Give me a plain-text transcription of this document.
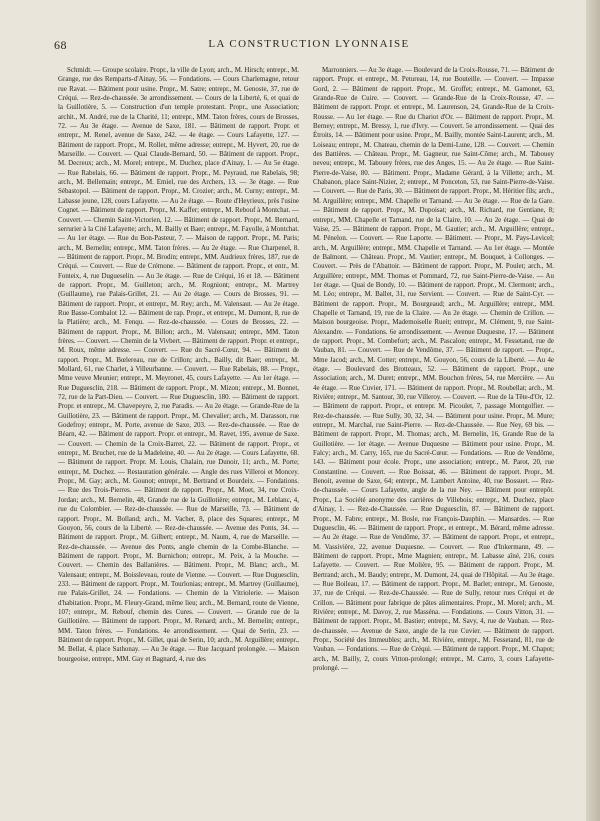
68	LA CONSTRUCTION LYONNAISE

Schmidt. — Groupe scolaire. Propr., la ville de Lyon; arch., M. Hirsch; entrepr., M. Grange, rue des Remparts-d'Ainay, 56. — Fondations. — Cours Charlemagne, retour rue Ravat. — Bâtiment pour usine. Propr., M. Satre; entrepr., M. Genoste, 37, rue de Créqui. — Rez-de-chaussée. 3e arrondissement. — Cours de la Liberté, 6, et quai de la Guillotière, 5. — Construction d'un temple protestant. Propr., une Association; archit., M. André, rue de la Charité, 11; entrepr., MM. Taton frères, cours de Brosses, 72. — Au 3e étage. — Avenue de Saxe, 181. — Bâtiment de rapport. Propr. et entrepr., M. Renel, avenue de Saxe, 242. — 4e étage. — Cours Lafayette, 127. — Bâtiment de rapport. Propr., M. Rollet, même adresse; entrepr., M. Hyvert, 20, rue de Marseille. — Couvert. — Quai Claude-Bernard, 50. — Bâtiment de rapport. Propr., M. Decreux; arch., M. Morel; entrepr., M. Duchez, place d'Ainay, 1. — Au 5e étage. — Rue Rabelais, 66. — Bâtiment de rapport. Propr., M. Peyraud, rue Rabelais, 98; arch., M. Bellemain; entrepr., M. Emiel, rue des Archers, 13. — 3e étage. — Rue Sébastopol. — Bâtiment de rapport. Propr., M. Crozier; arch., M. Curny; entrepr., M. Labasse jeune, 128, cours Lafayette. — Au 2e étage. — Route d'Heyrieux, près l'usine Cognet. — Bâtiment de rapport. Propr., M. Kaffer; entrepr., M. Rebouf à Montchat. — Couvert. — Chemin Saint-Victorien, 12. — Bâtiment de rapport. Propr., M. Bernard, serrurier à la Cité Lafayette; arch., M. Bailly et Baer; entrepr., M. Fayolle, à Montchat. — Au 1er étage. — Rue du Bon-Pasteur, 7. — Maison de rapport. Propr., M. Paris; arch., M. Bernelin; entrepr., MM. Taton frères. — Au 2e étage. — Rue Charpenel, 8. — Bâtiment de rapport. Propr., M. Brodin; entrepr., MM. Audrieux frères, 187, rue de Créqui. — Couvert. — Rue de Crémone. — Bâtiment de rapport. Propr., et entr., M. Fonteix, 4, rue Dugueselin. — Au 3e étage. — Rue de Créqui, 16 et 18. — Bâtiment de rapport. Propr., M. Guilleton; arch., M. Rogniont; entrepr., M. Martrey (Guillaume), rue Palais-Grillet, 21. — Au 2e étage. — Cours de Brosses, 91. — Bâtiment de rapport. Propr., et entrepr., M. Rey; arch., M. Valensaut. — Au 2e étage. Rue Basse-Combalot 12. — Bâtiment de rap. Propr., et entrepr., M. Dumont, 8, rue de la Platière; arch., M. Fenqu. — Rez-de-chaussée. — Cours de Brosses, 22. — Bâtiment de rapport. Propr., M. Billon; arch., M. Valensaut; entrepr., MM. Taton frères. — Couvert. — Chemin de la Vivbert. — Bâtiment de rapport. Propr. et entrepr., M. Roux, même adresse. — Couvert. — Rue du Sacré-Cœur, 94. — Bâtiment de rapport. Propr., M. Bœlereau, rue de Crillon; arch., Bailly, dit Baer; entrepr., M. Mollard, 61, rue Charlet, à Villeurbanne. — Couvert. — Rue Rabelais, 88. — Propr., Mme veuve Meunier; entrepr., M. Meyronet, 45, cours Lafayette. — Au 1er étage. — Rue Duguesclin, 218. — Bâtiment de rapport. Propr., M. Mizon; entrepr., M. Bonnet, 72, rue de la Part-Dieu. — Couvert. — Rue Duguesclin, 180. — Bâtiment de rapport. Propr. et entrepr., M. Chavepeyre, 2, rue Paradis. — Au 2e étage. — Grande-Rue de la Guillotière, 23. — Bâtiment de rapport. Propr., M. Chevalier; arch., M. Darasson, rue Godefroy; entrepr., M. Porte, avenue de Saxe, 203. — Rez-de-chaussée. — Rue de Béarn, 42. — Bâtiment de rapport. Propr. et entrepr., M. Ravet, 195, avenue de Saxe. — Couvert. — Chemin de la Croix-Barret, 22. — Bâtiment de rapport. Propr., et entrepr., M. Bruchet, rue de la Madeleine, 40. — Au 2e étage. — Cours Lafayette, 68. — Bâtiment de rapport. Propr. M. Louis, Chalain, rue Dunoir, 11; arch., M. Porte; entrepr., M. Duchez. — Restauration générale. — Angle des rues Villeroi et Moncey. Propr., M. Gay; arch., M. Gounot; entrepr., M. Bertrand et Bourdeix. — Fondations. — Rue des Trois-Pierres. — Bâtiment de rapport. Propr., M. Moet, 34, rue Croix-Jordan; arch., M. Bernelin, 48, Grande rue de la Guillotière; entrepr., M. Leblanc, 4, rue du Colombier. — Rez-de-chaussée. — Rue de Marseille, 73. — Bâtiment de rapport. Propr., M. Bolland; arch., M. Vacher, 8, place des Squares; entrepr., M Gouyon, 56, cours de la Liberté. — Rez-de-chaussée. — Avenue des Ponts, 34. — Bâtiment de rapport. Propr., M. Gilbert; entrepr., M. Naum, 4, rue de Marseille. — Rez-de-chaussée. — Avenue des Ponts, angle chemin de la Combe-Blanche. — Bâtiment de rapport. Propr., M. Burnichon; entrepr., M. Peix, à la Mouche. — Couvert. — Chemin des Ballanières. — Bâtiment. Propr., M. Blanc; arch., M. Valensaut; entrepr., M. Boissleveau, route de Vienne. — Couvert. — Rue Duguesclin, 233. — Bâtiment de rapport. Propr., M. Tourlonias; entrepr., M. Martrey (Guillaume), rue Palais-Grillet, 24. — Fondations. — Chemin de la Vitriolerie. — Maison d'habitation. Propr., M. Fleury-Grand, même lieu; arch., M. Bernard, route de Vienne, 107; entrepr., M. Rebouf, chemin des Cures. — Couvert. — Grande rue de la Guillotière. — Bâtiment de rapport. Propr., M. Renard; arch., M. Bernelin; entrepr., MM. Taton frères. — Fondations. 4e arrondissement. — Quai de Serin, 23. — Bâtiment de rapport. Propr., M. Gillet, quai de Serin, 10; arch., M. Arguillère; entrepr., M. Bellat, 4, place Sathonay. — Au 3e étage. — Rue Jacquard prolongée. — Maison bourgeoise, entrepr., MM. Gay et Bagnard, 4, rue des

Marronniers. — Au 3e étage. — Boulevard de la Croix-Rousse, 71. — Bâtiment de rapport. Propr. et entrepr., M. Petureau, 14, rue Bouteille. — Couvert. — Impasse Gord, 2. — Bâtiment de rapport. Propr., M. Groffet; entrepr., M. Gamonet, 63, Grande-Rue de Cuire. — Couvert. — Grande-Rue de la Croix-Rousse, 47. — Bâtiment de rapport. Propr. et entrepr., M. Laurenson, 24, Grande-Rue de la Croix-Rousse. — Au 1er étage. — Rue du Chariot d'Or. — Bâtiment de rapport. Propr., M. Berney; entrepr., M. Bressy, 1, rue d'Ivry. — Couvert. 5e arrondissement. — Quai des Étroits, 14. — Bâtiment pour usine. Propr., M. Bailly, montée Saint-Laurent; arch., M. Loiseau; entrepr., M. Chateau, chemin de la Demi-Lune, 128. — Couvert. — Chemin des Battières. — Château. Propr., M. Gagneur, rue Saint-Côme; arch., M. Tabouey neveu; entrepr., M. Tabouey frères, rue des Anges, 15. — Au 2e étage. — Rue Saint-Pierre-de-Vaise, 80. — Bâtiment. Propr., Madame Gérard, à la Villette; arch., M. Chabanon, place Saint-Nizier, 2; entrepr., M Ponceton, 53, rue Saint-Pierre-de-Vaise. — Couvert. — Rue de Paris, 30. — Bâtiment de rapport. Propr., M. Héritier fils; arch., M. Arguillère; entrepr., MM. Chapelle et Tarnand. — Au 3e étage. — Rue de la Gare. — Bâtiment de rapport. Propr., M. Dupoisat; arch., M. Richard, rue Gentiane, 8; entrepr., MM. Chapelle et Tarnand, rue de la Claire, 10. — Au 2e étage. — Quai de Vaise, 25. — Bâtiment de rapport. Propr., M. Gautier; arch., M. Arguillère; entrepr., M. Pénelon. — Couvert. — Rue Laporte. — Bâtiment. — Propr., M. Pays-Levicel; arch., M. Arguillère; entrepr., MM. Chapelle et Tarnand. — Au 1er étage. — Montée de Balmont. — Château. Propr., M. Vautier; entrepr., M. Bouquet, à Collonges. — Couvert. — Près de l'Abattoir. — Bâtiment de rapport. Propr., M. Poulet; arch., M. Arguillère; entrepr., MM. Thomas et Pommard, 72, rue Saint-Pierre-de-Vaise. — Au 1er étage. — Quai de Bondy, 10. — Bâtiment de rapport. Propr., M. Clermont; arch., M. Léo; entrepr., M. Ballet, 31, rue Servient. — Couvert. — Rue de Saint-Cyr. — Bâtiment de rapport. Propr., M. Bourgeaud; arch., M. Arguillère; entrepr., MM. Chapelle et Tarnand, 19, rue de la Claire. — Au 2e étage. — Chemin de Crillon. — Maison bourgeoise. Propr., Mademoiselle Rueit; entrepr., M. Clément, 9, rue Saint-Alexandre. — Fondations. 6e arrondissement. — Avenue Duquesne, 17. — Bâtiment de rapport. Propr., M. Combefort; arch., M. Pascalon; entrepr., M. Fessetand, rue de Vauban, 81. — Couvert. — Rue de Vendôme, 37. — Bâtiment de rapport. — Propr., Mme Jacod; arch., M. Cotter; entrepr., M. Gouyon, 56, cours de la Liberté. — Au 4e étage. — Boulevard des Brotteaux, 52. — Bâtiment de rapport. Propr., une Association; arch., M. Duret; entrepr., MM. Bouchon frères, 54, rue Mercière. — Au 4e étage. — Rue Cuvier, 171. — Bâtiment de rapport. Propr., M. Roubellat; arch., M. Rivière; entrepr., M. Santour, 30, rue Villeroy. — Couvert. — Rue de la Tête-d'Or, 12. — Bâtiment de rapport. Propr., et entrepr. M. Picoulet, 7, passage Montgolfier. — Rez-de-chaussée. — Rue Sully, 30, 32, 34. — Bâtiment pour usine. Propr., M. Mure; entrepr., M. Marchal, rue Saint-Pierre. — Rez-de-Chaussée. — Rue Ney, 69 bis. — Bâtiment de rapport. Propr., M. Thomas; arch., M. Bernelin, 16, Grande Rue de la Guillotière. — 1er étage. — Avenue Duquesne — Bâtiment pour usine. Propr., M. Falcy; arch., M. Carry, 165, rue du Sacré-Cœur. — Fondations. — Rue de Vendôme, 143. — Bâtiment pour école. Propr., une association; entrepr., M. Parot, 20, rue Constantine. — Couvert. — Rue Boissat, 46. — Bâtiment de rapport. Propr., M. Benoit, avenue de Saxe, 64; entrepr., M. Lambert Antoine, 40, rue Bossuet. — Rez-de-chaussée. — Cours Lafayette, angle de la rue Ney. — Bâtiment pour entrepôt. Propr., La Société anonyme des carrières de Villebois; entrepr., M. Duchez, place d'Ainay, 1. — Rez-de-Chaussée. — Rue Duguesclin, 87. — Bâtiment de rapport. Propr., M. Fabre; entrepr., M. Bosle, rue François-Dauphin. — Mansardes. — Rue Duguesclin, 46. — Bâtiment de rapport. Propr., et entrepr., M. Bérard, même adresse. — Au 2e étage. — Rue de Vendôme, 37. — Bâtiment de rapport. Propr., et entrepr., M. Vassivière, 22, avenue Duquesne. — Couvert. — Rue d'Inkermann, 49. — Bâtiment de rapport. Propr., Mme Magnien; entrepr., M. Labasse aîné, 216, cours Lafayette. — Couvert. — Rue Molière, 95. — Bâtiment de rapport. Propr., M. Bertrand; arch., M. Baudy; entrepr., M. Dumont, 24, quai de l'Hôpital. — Au 3e étage. — Rue Boileau, 17. — Bâtiment de rapport. Propr., M. Barlet; entrepr., M. Genoste, 37, rue de Créqui. — Rez-de-Chaussée. — Rue de Sully, retour rues Créqui et de Crillon. — Bâtiment pour fabrique de pâtes alimentaires. Propr., M. Morel; arch., M. Rivière; entrepr., M. Davoy, 2, rue Masséna. — Fondations. — Cours Vitton, 31. — Bâtiment de rapport. Propr., M. Bastier; entrepr., M. Savy, 4, rue de Vauban. — Rez-de-chaussée. — Avenue de Saxe, angle de la rue Cuvier. — Bâtiment de rapport. Propr., Société des Immeubles; arch., M. Rivière, entrepr., M. Fessetand, 81, rue de Vauban. — Fondations. — Rue de Créqui. — Bâtiment de rapport. Propr., M. Chapot; arch., M. Bailly, 2, cours Vitton-prolongé; entrepr., M. Carro, 3, cours Lafayette-prolongé. —
